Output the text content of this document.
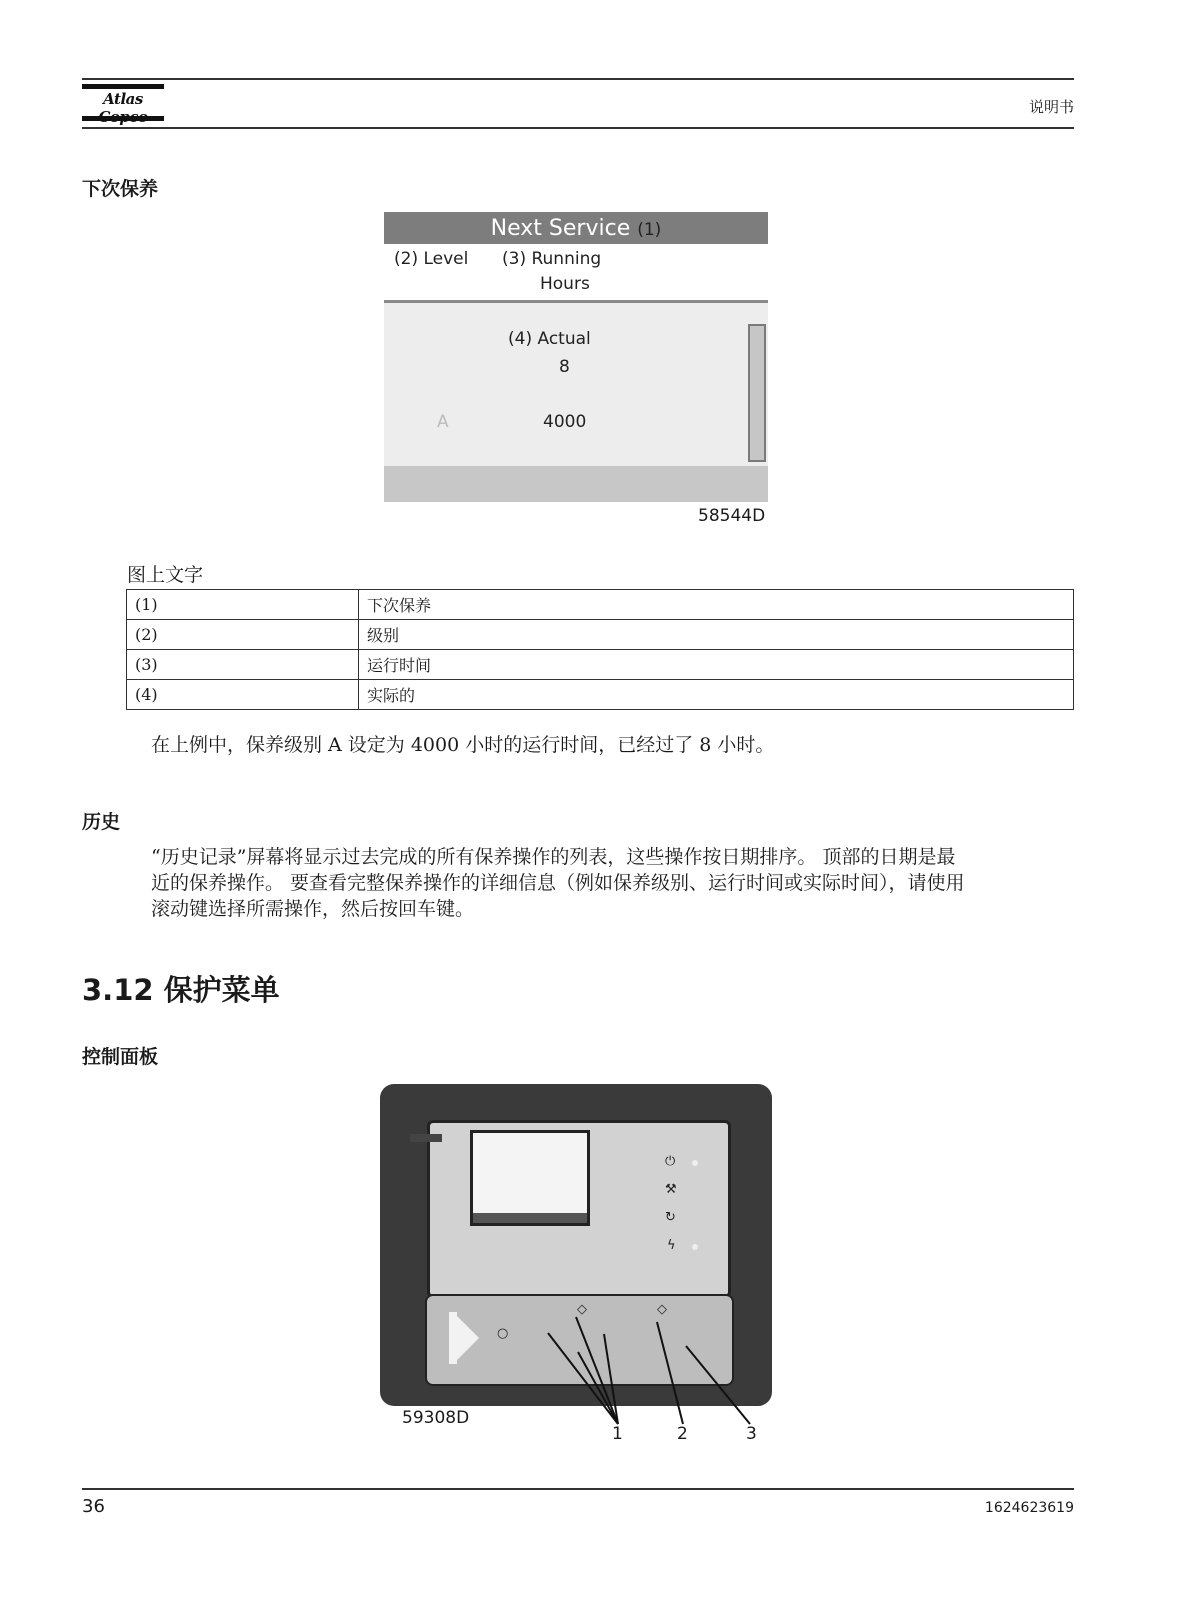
Atlas	说明书
下次保养
Next Service (1)
(2) Level (3) Running
Hours
(4) Actual
8
A	4000
58544D
图上文字
(1)	下次保养
(2)	级别
(3)	运行时间
(4)	实际的

在上例中，保养级别 A 设定为 4000 小时的运行时间，已经过了 8 小时。

历史

“历史记录”屏幕将显示过去完成的所有保养操作的列表，这些操作按日期排序。 顶部的日期是最

近的保养操作。 要查看完整保养操作的详细信息（例如保养级别、运行时间或实际时间），请使用

滚动键选择所需操作，然后按回车键。

3.12 保护菜单
控制面板
⏻
⚒
↻
ϟ
○
◇	◇
59308D
1	2	3
36	1624623619
